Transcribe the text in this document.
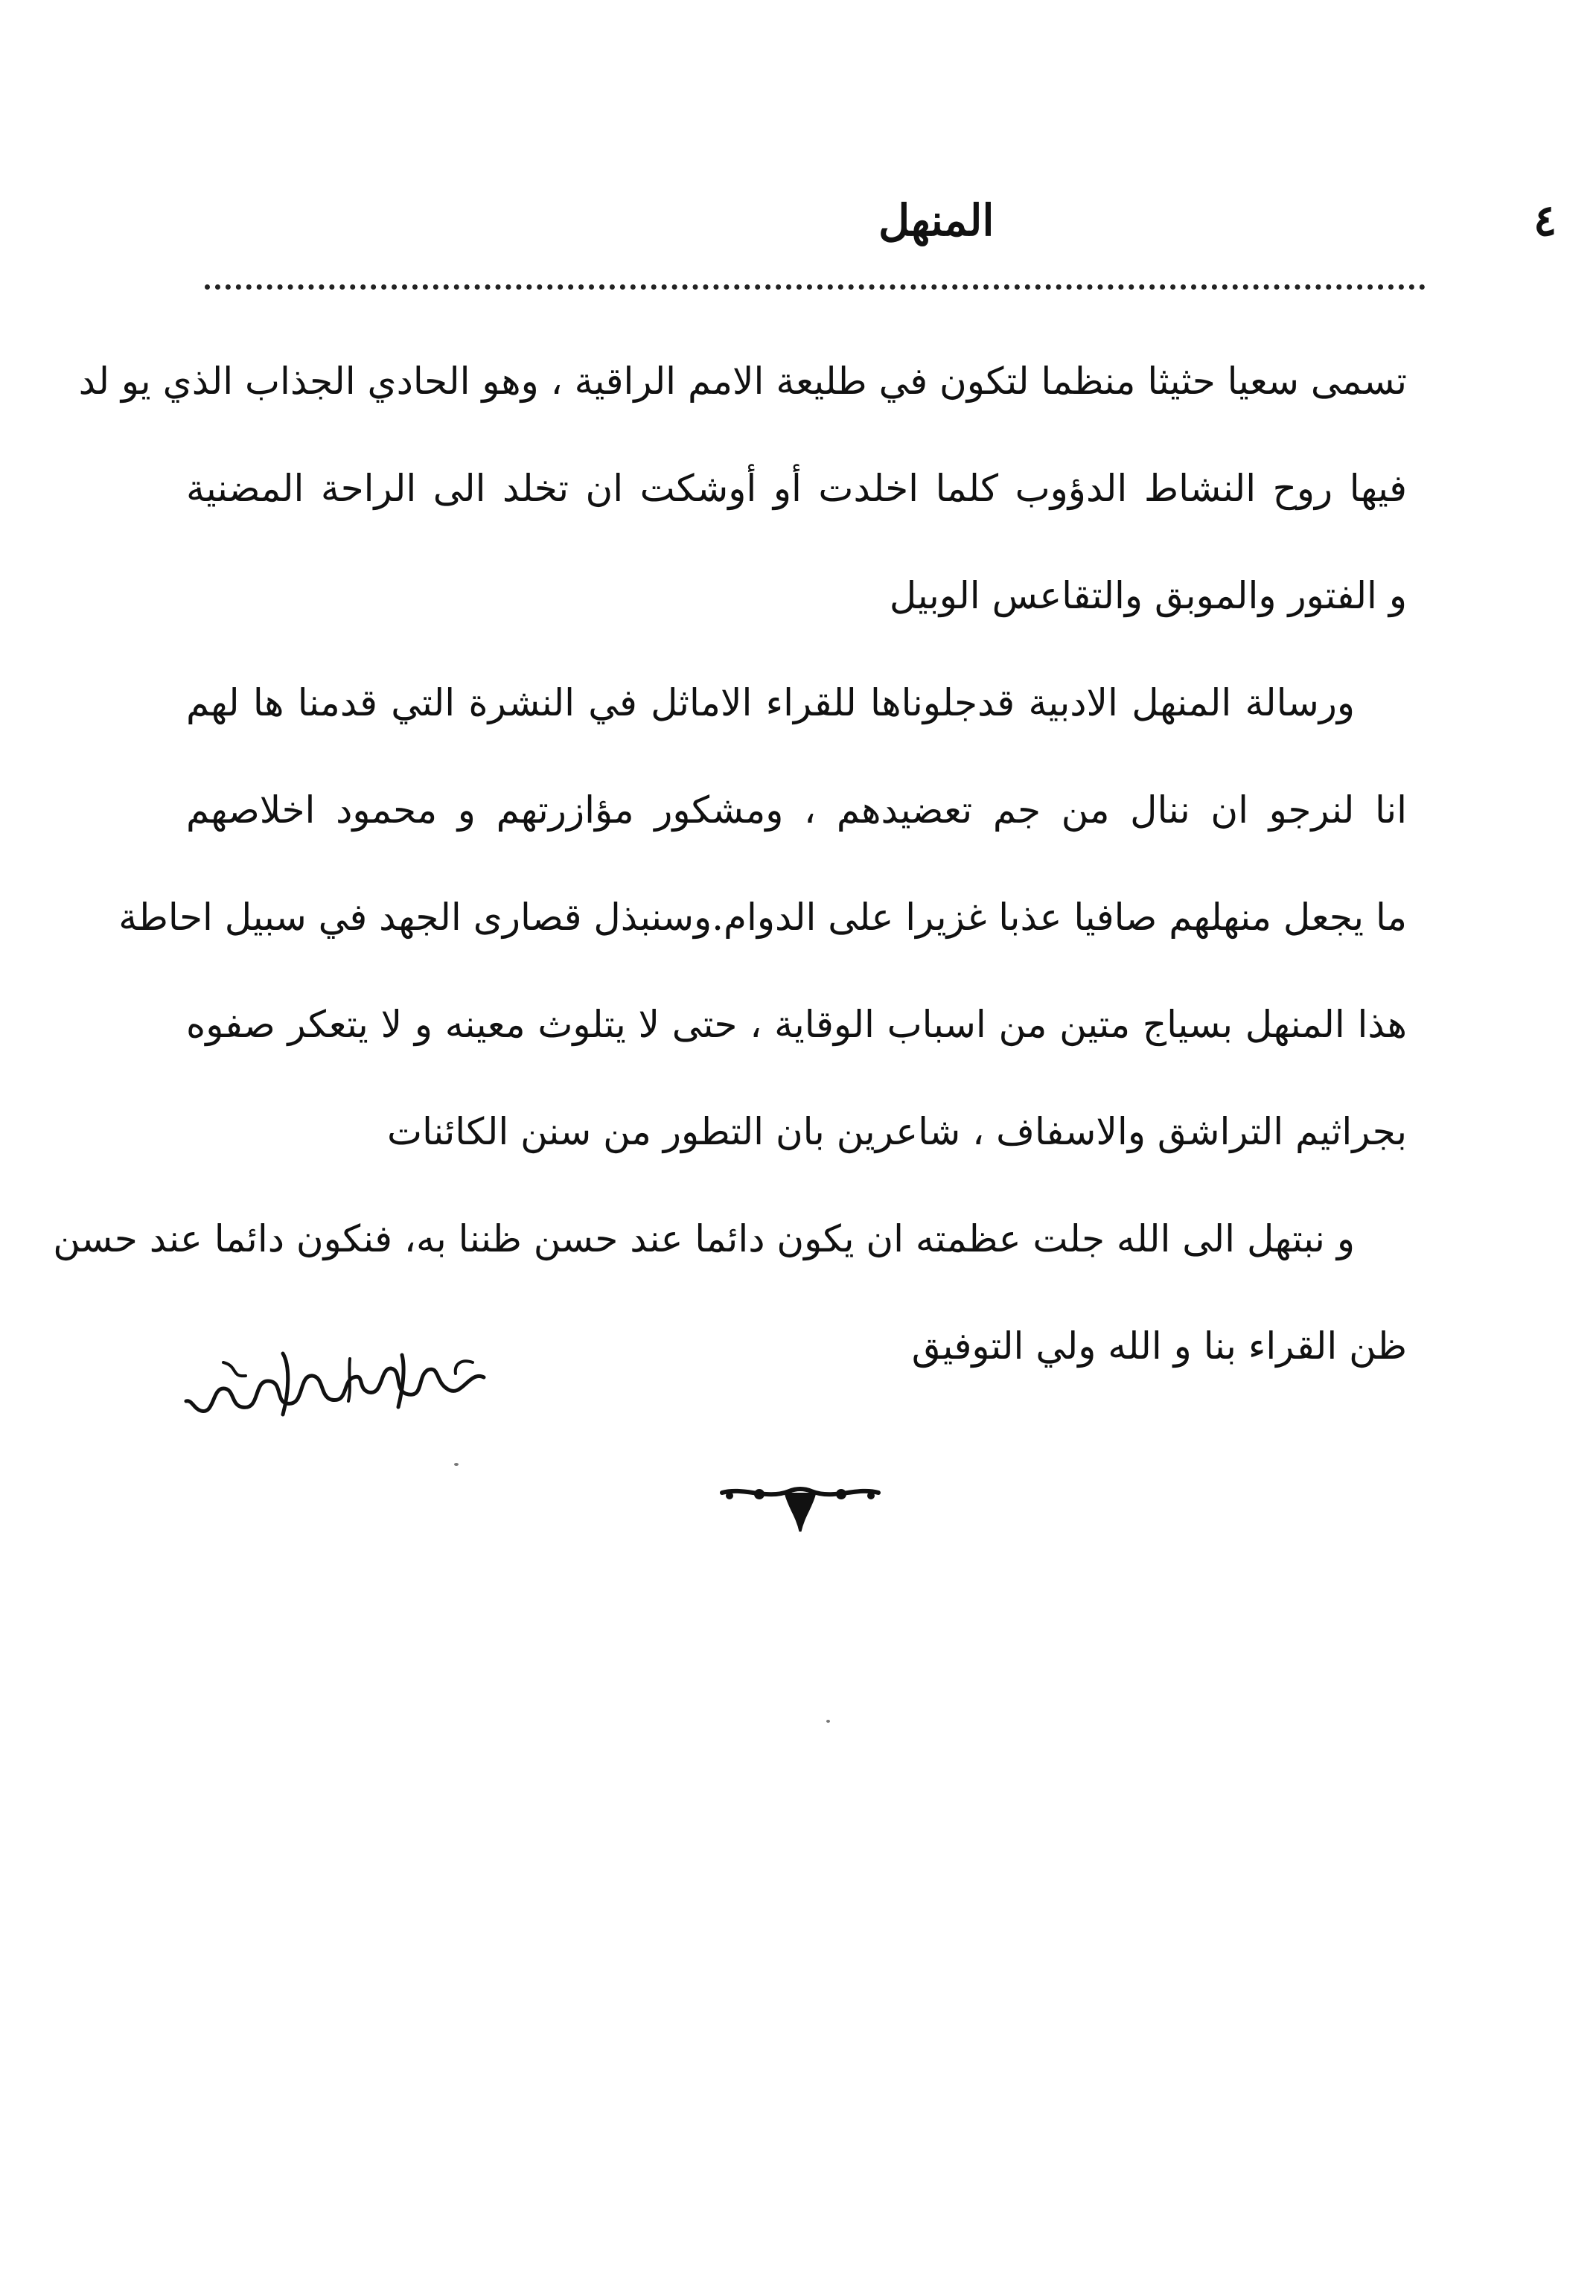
٤
المنهل
تسمى سعيا حثيثا منظما لتكون في طليعة الامم الراقية ، وهو الحادي الجذاب الذي يو لد
فيها روح النشاط الدؤوب كلما اخلدت أو أوشكت ان تخلد الى الراحة المضنية
و الفتور والموبق والتقاعس الوبيل
ورسالة المنهل الادبية قدجلوناها للقراء الاماثل في النشرة التي قدمنا ها لهم
انا لنرجو ان ننال من جم تعضيدهم ، ومشكور مؤازرتهم و محمود اخلاصهم
ما يجعل منهلهم صافيا عذبا غزيرا على الدوام.وسنبذل قصارى الجهد في سبيل احاطة
هذا المنهل بسياج متين من اسباب الوقاية ، حتى لا يتلوث معينه و لا يتعكر صفوه
بجراثيم التراشق والاسفاف ، شاعرين بان التطور من سنن الكائنات
و نبتهل الى الله جلت عظمته ان يكون دائما عند حسن ظننا به، فنكون دائما عند حسن
ظن القراء بنا و الله ولي التوفيق
